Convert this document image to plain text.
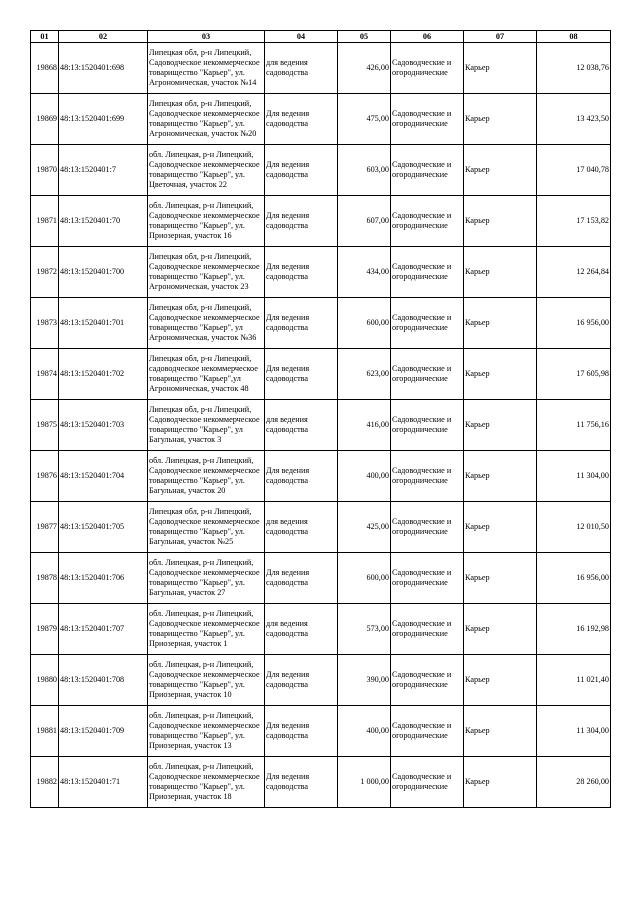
01	02	03	04	05	06	07	08
19868	48:13:1520401:698	Липецкая обл, р-н Липецкий, Садоводческое некоммерческое товарищество "Карьер", ул. Агрономическая, участок №14	для ведения садоводства	426,00	Садоводческие и огороднические	Карьер	12 038,76
19869	48:13:1520401:699	Липецкая обл, р-н Липецкий, Садоводческое некоммерческое товарищество "Карьер", ул. Агрономическая, участок №20	Для ведения садоводства	475,00	Садоводческие и огороднические	Карьер	13 423,50
19870	48:13:1520401:7	обл. Липецкая, р-н Липецкий, Садоводческое некоммерческое товарищество "Карьер", ул. Цветочная, участок 22	Для ведения садоводства	603,00	Садоводческие и огороднические	Карьер	17 040,78
19871	48:13:1520401:70	обл. Липецкая, р-н Липецкий, Садоводческое некоммерческое товарищество "Карьер", ул. Приозерная, участок 16	Для ведения садоводства	607,00	Садоводческие и огороднические	Карьер	17 153,82
19872	48:13:1520401:700	Липецкая обл, р-н Липецкий, Садоводческое некоммерческое товарищество "Карьер", ул. Агрономическая, участок 23	Для ведения садоводства	434,00	Садоводческие и огороднические	Карьер	12 264,84
19873	48:13:1520401:701	Липецкая обл, р-н Липецкий, Садоводческое некоммерческое товарищество "Карьер", ул Агрономическая, участок №36	Для ведения садоводства	600,00	Садоводческие и огороднические	Карьер	16 956,00
19874	48:13:1520401:702	Липецкая обл, р-н Липецкий, садоводческое некоммерческое товарищество "Карьер",ул Агрономическая, участок 48	Для ведения садоводства	623,00	Садоводческие и огороднические	Карьер	17 605,98
19875	48:13:1520401:703	Липецкая обл, р-н Липецкий, Садоводческое некоммерческое товарищество "Карьер", ул Багульная, участок 3	для ведения садоводства	416,00	Садоводческие и огороднические	Карьер	11 756,16
19876	48:13:1520401:704	обл. Липецкая, р-н Липецкий, Садоводческое некоммерческое товарищество "Карьер", ул. Багульная, участок 20	Для ведения садоводства	400,00	Садоводческие и огороднические	Карьер	11 304,00
19877	48:13:1520401:705	Липецкая обл, р-н Липецкий, Садоводческое некоммерческое товарищество "Карьер", ул. Багульная, участок №25	для ведения садоводства	425,00	Садоводческие и огороднические	Карьер	12 010,50
19878	48:13:1520401:706	обл. Липецкая, р-н Липецкий, Садоводческое некоммерческое товарищество "Карьер", ул. Багульная, участок 27	Для ведения садоводства	600,00	Садоводческие и огороднические	Карьер	16 956,00
19879	48:13:1520401:707	обл. Липецкая, р-н Липецкий, Садоводческое некоммерческое товарищество "Карьер", ул. Приозерная, участок 1	для ведения садоводства	573,00	Садоводческие и огороднические	Карьер	16 192,98
19880	48:13:1520401:708	обл. Липецкая, р-н Липецкий, Садоводческое некоммерческое товарищество "Карьер", ул. Приозерная, участок 10	Для ведения садоводства	390,00	Садоводческие и огороднические	Карьер	11 021,40
19881	48:13:1520401:709	обл. Липецкая, р-н Липецкий, Садоводческое некоммерческое товарищество "Карьер", ул. Приозерная, участок 13	Для ведения садоводства	400,00	Садоводческие и огороднические	Карьер	11 304,00
19882	48:13:1520401:71	обл. Липецкая, р-н Липецкий, Садоводческое некоммерческое товарищество "Карьер", ул. Приозерная, участок 18	Для ведения садоводства	1 000,00	Садоводческие и огороднические	Карьер	28 260,00
